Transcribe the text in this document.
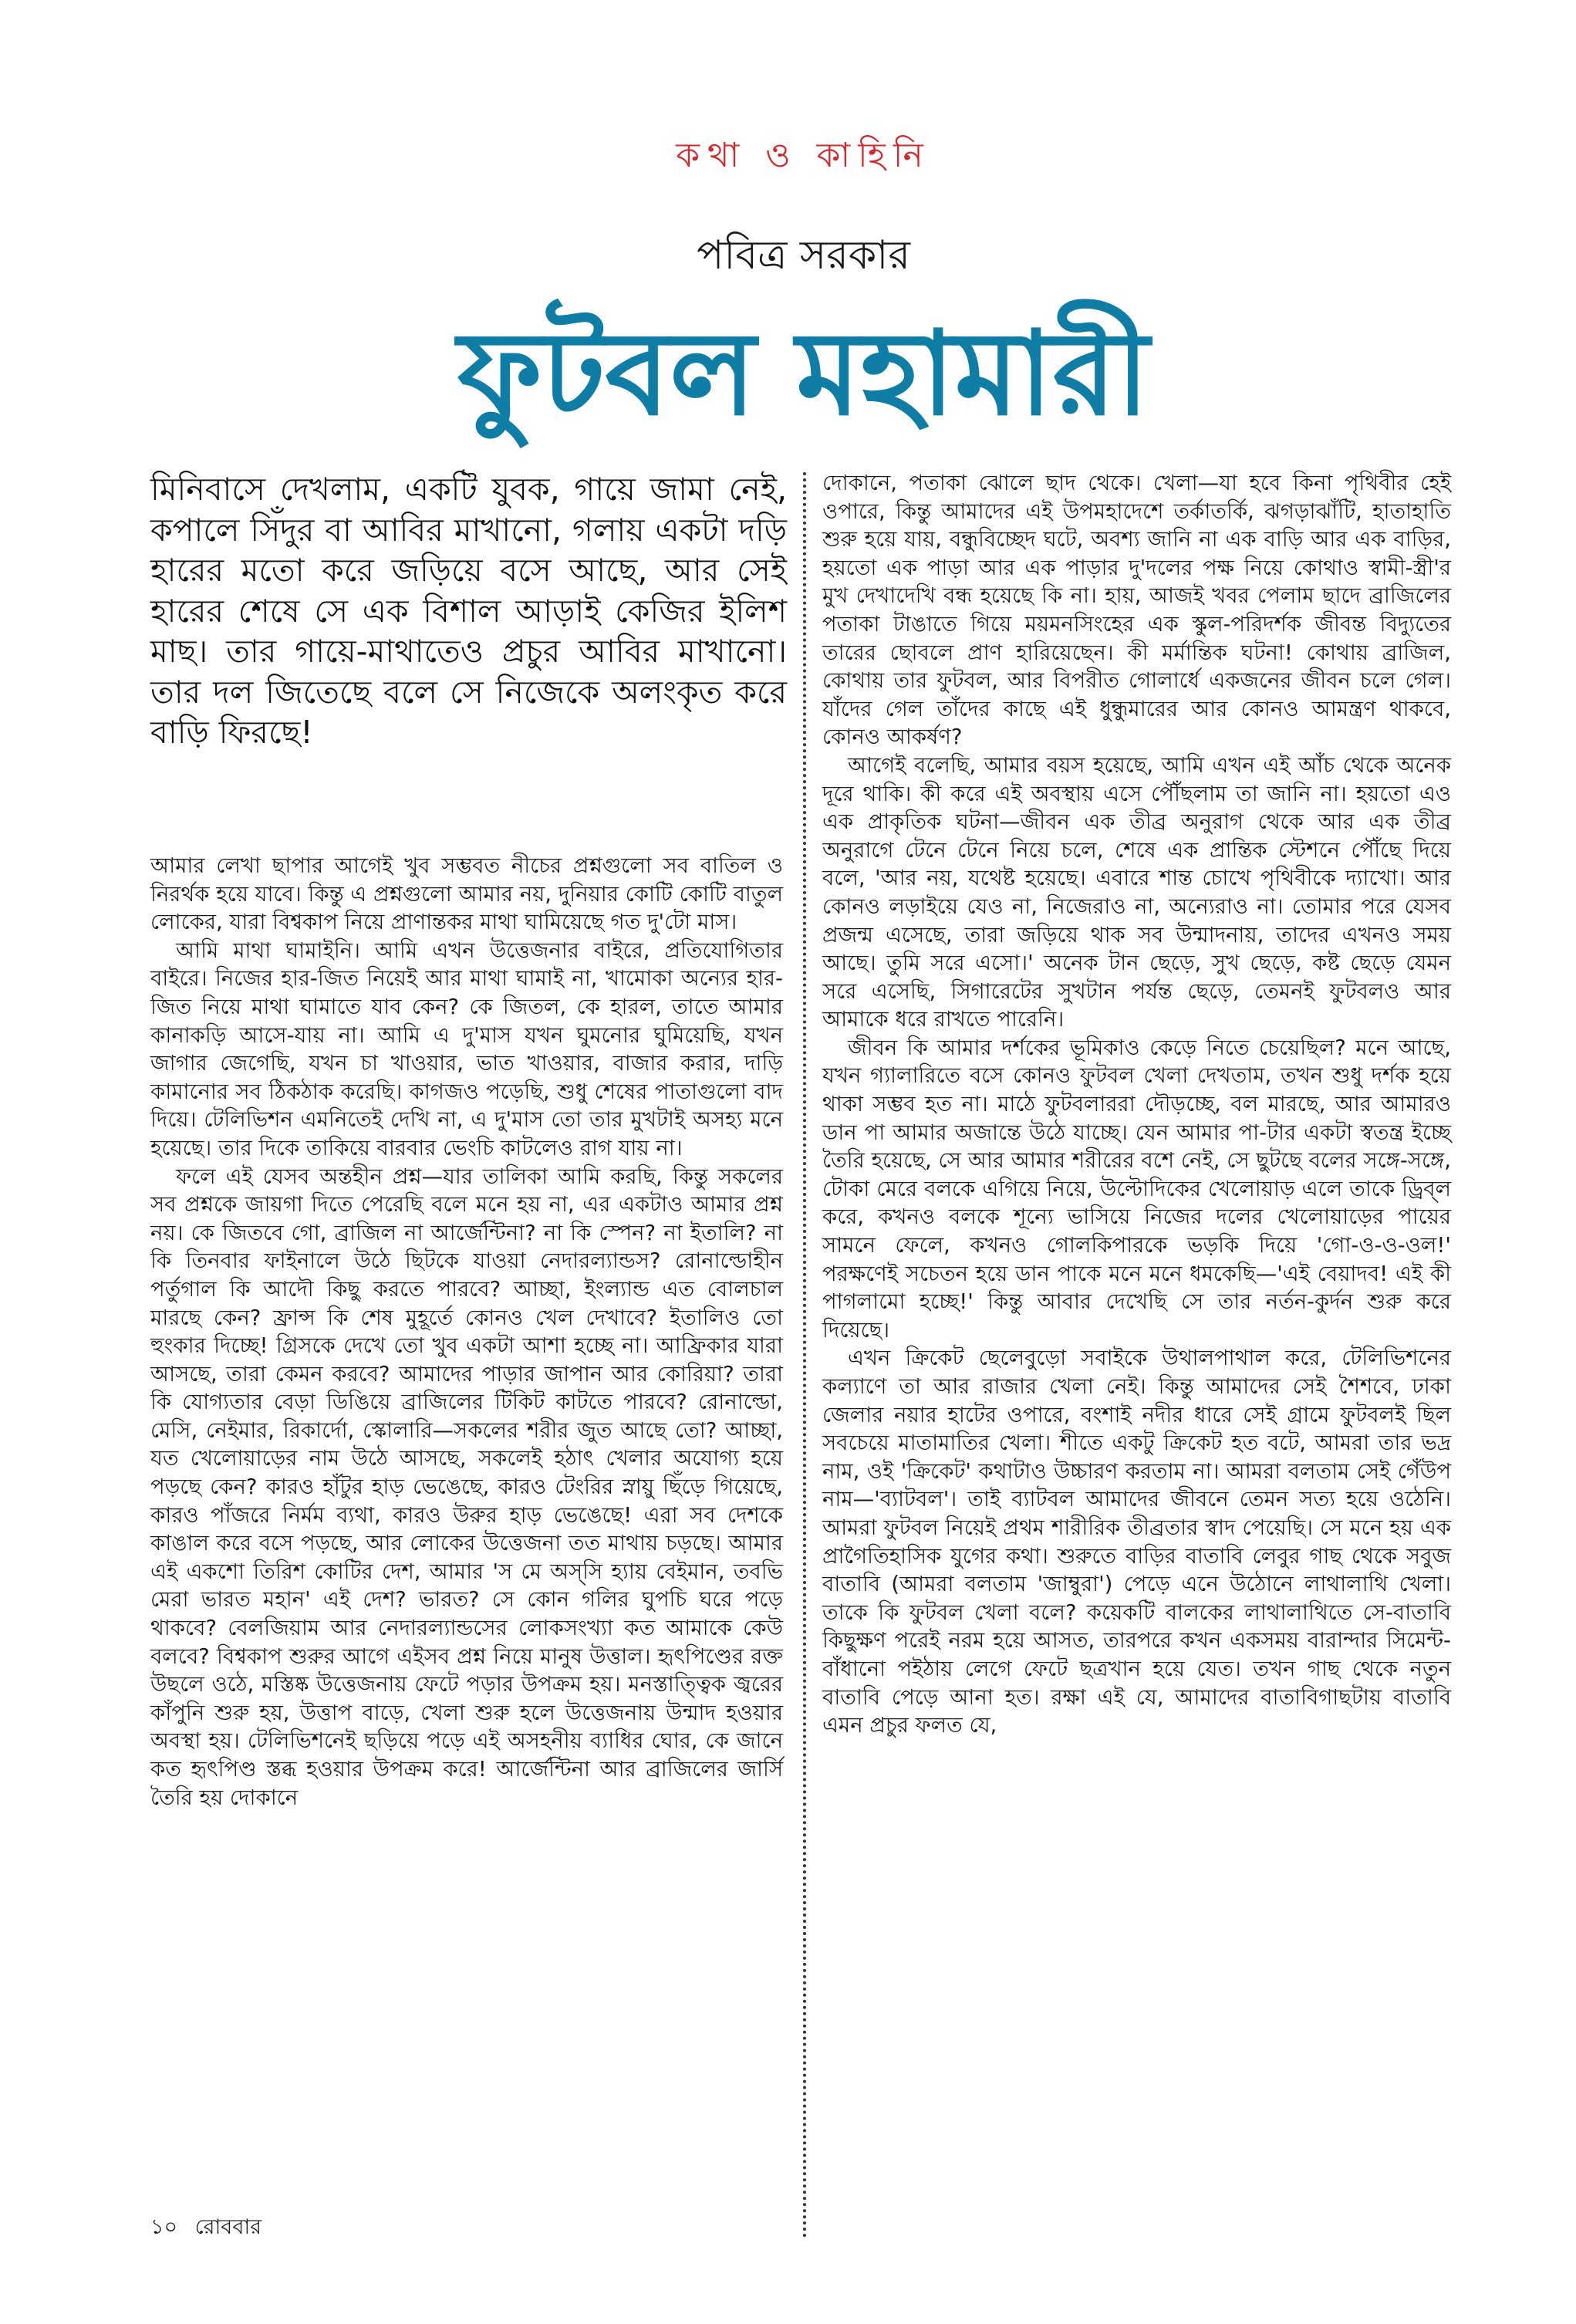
কথা ও কাহিনি
পবিত্র সরকার
ফুটবল মহামারী
মিনিবাসে দেখলাম, একটি যুবক, গায়ে জামা নেই, কপালে সিঁদুর বা আবির মাখানো, গলায় একটা দড়ি হারের মতো করে জড়িয়ে বসে আছে, আর সেই হারের শেষে সে এক বিশাল আড়াই কেজির ইলিশ মাছ। তার গায়ে-মাথাতেও প্রচুর আবির মাখানো। তার দল জিতেছে বলে সে নিজেকে অলংকৃত করে বাড়ি ফিরছে!

আমার লেখা ছাপার আগেই খুব সম্ভবত নীচের প্রশ্নগুলো সব বাতিল ও নিরর্থক হয়ে যাবে। কিন্তু এ প্রশ্নগুলো আমার নয়, দুনিয়ার কোটি কোটি বাতুল লোকের, যারা বিশ্বকাপ নিয়ে প্রাণান্তকর মাথা ঘামিয়েছে গত দু'টো মাস।

আমি মাথা ঘামাইনি। আমি এখন উত্তেজনার বাইরে, প্রতিযোগিতার বাইরে। নিজের হার-জিত নিয়েই আর মাথা ঘামাই না, খামোকা অন্যের হার-জিত নিয়ে মাথা ঘামাতে যাব কেন? কে জিতল, কে হারল, তাতে আমার কানাকড়ি আসে-যায় না। আমি এ দু'মাস যখন ঘুমনোর ঘুমিয়েছি, যখন জাগার জেগেছি, যখন চা খাওয়ার, ভাত খাওয়ার, বাজার করার, দাড়ি কামানোর সব ঠিকঠাক করেছি। কাগজও পড়েছি, শুধু শেষের পাতাগুলো বাদ দিয়ে। টেলিভিশন এমনিতেই দেখি না, এ দু'মাস তো তার মুখটাই অসহ্য মনে হয়েছে। তার দিকে তাকিয়ে বারবার ভেংচি কাটলেও রাগ যায় না।

ফলে এই যেসব অন্তহীন প্রশ্ন—যার তালিকা আমি করছি, কিন্তু সকলের সব প্রশ্নকে জায়গা দিতে পেরেছি বলে মনে হয় না, এর একটাও আমার প্রশ্ন নয়। কে জিতবে গো, ব্রাজিল না আর্জেন্টিনা? না কি স্পেন? না ইতালি? না কি তিনবার ফাইনালে উঠে ছিটকে যাওয়া নেদারল্যান্ডস? রোনাল্ডোহীন পর্তুগাল কি আদৌ কিছু করতে পারবে? আচ্ছা, ইংল্যান্ড এত বোলচাল মারছে কেন? ফ্রান্স কি শেষ মুহূর্তে কোনও খেল দেখাবে? ইতালিও তো হুংকার দিচ্ছে! গ্রিসকে দেখে তো খুব একটা আশা হচ্ছে না। আফ্রিকার যারা আসছে, তারা কেমন করবে? আমাদের পাড়ার জাপান আর কোরিয়া? তারা কি যোগ্যতার বেড়া ডিঙিয়ে ব্রাজিলের টিকিট কাটতে পারবে? রোনাল্ডো, মেসি, নেইমার, রিকার্দো, স্কোলারি—সকলের শরীর জুত আছে তো? আচ্ছা, যত খেলোয়াড়ের নাম উঠে আসছে, সকলেই হঠাৎ খেলার অযোগ্য হয়ে পড়ছে কেন? কারও হাঁটুর হাড় ভেঙেছে, কারও টেংরির স্নায়ু ছিঁড়ে গিয়েছে, কারও পাঁজরে নির্মম ব্যথা, কারও উরুর হাড় ভেঙেছে! এরা সব দেশকে কাঙাল করে বসে পড়ছে, আর লোকের উত্তেজনা তত মাথায় চড়ছে। আমার এই একশো তিরিশ কোটির দেশ, আমার 'স মে অস্‌সি হ্যায় বেইমান, তবভি মেরা ভারত মহান' এই দেশ? ভারত? সে কোন গলির ঘুপচি ঘরে পড়ে থাকবে? বেলজিয়াম আর নেদারল্যান্ডসের লোকসংখ্যা কত আমাকে কেউ বলবে? বিশ্বকাপ শুরুর আগে এইসব প্রশ্ন নিয়ে মানুষ উত্তাল। হৃৎপিণ্ডের রক্ত উছলে ওঠে, মস্তিষ্ক উত্তেজনায় ফেটে পড়ার উপক্রম হয়। মনস্তাত্ত্বিক জ্বরের কাঁপুনি শুরু হয়, উত্তাপ বাড়ে, খেলা শুরু হলে উত্তেজনায় উন্মাদ হওয়ার অবস্থা হয়। টেলিভিশনেই ছড়িয়ে পড়ে এই অসহনীয় ব্যাধির ঘোর, কে জানে কত হৃৎপিণ্ড স্তব্ধ হওয়ার উপক্রম করে! আর্জেন্টিনা আর ব্রাজিলের জার্সি তৈরি হয় দোকানে

দোকানে, পতাকা ঝোলে ছাদ থেকে। খেলা—যা হবে কিনা পৃথিবীর হেই ওপারে, কিন্তু আমাদের এই উপমহাদেশে তর্কাতর্কি, ঝগড়াঝাঁটি, হাতাহাতি শুরু হয়ে যায়, বন্ধুবিচ্ছেদ ঘটে, অবশ্য জানি না এক বাড়ি আর এক বাড়ির, হয়তো এক পাড়া আর এক পাড়ার দু'দলের পক্ষ নিয়ে কোথাও স্বামী-স্ত্রী'র মুখ দেখাদেখি বন্ধ হয়েছে কি না। হায়, আজই খবর পেলাম ছাদে ব্রাজিলের পতাকা টাঙাতে গিয়ে ময়মনসিংহের এক স্কুল-পরিদর্শক জীবন্ত বিদ্যুতের তারের ছোবলে প্রাণ হারিয়েছেন। কী মর্মান্তিক ঘটনা! কোথায় ব্রাজিল, কোথায় তার ফুটবল, আর বিপরীত গোলার্ধে একজনের জীবন চলে গেল। যাঁদের গেল তাঁদের কাছে এই ধুন্ধুমারের আর কোনও আমন্ত্রণ থাকবে, কোনও আকর্ষণ?

আগেই বলেছি, আমার বয়স হয়েছে, আমি এখন এই আঁচ থেকে অনেক দূরে থাকি। কী করে এই অবস্থায় এসে পৌঁছলাম তা জানি না। হয়তো এও এক প্রাকৃতিক ঘটনা—জীবন এক তীব্র অনুরাগ থেকে আর এক তীব্র অনুরাগে টেনে টেনে নিয়ে চলে, শেষে এক প্রান্তিক স্টেশনে পৌঁছে দিয়ে বলে, 'আর নয়, যথেষ্ট হয়েছে। এবারে শান্ত চোখে পৃথিবীকে দ্যাখো। আর কোনও লড়াইয়ে যেও না, নিজেরাও না, অন্যেরাও না। তোমার পরে যেসব প্রজন্ম এসেছে, তারা জড়িয়ে থাক সব উন্মাদনায়, তাদের এখনও সময় আছে। তুমি সরে এসো।' অনেক টান ছেড়ে, সুখ ছেড়ে, কষ্ট ছেড়ে যেমন সরে এসেছি, সিগারেটের সুখটান পর্যন্ত ছেড়ে, তেমনই ফুটবলও আর আমাকে ধরে রাখতে পারেনি।

জীবন কি আমার দর্শকের ভূমিকাও কেড়ে নিতে চেয়েছিল? মনে আছে, যখন গ্যালারিতে বসে কোনও ফুটবল খেলা দেখতাম, তখন শুধু দর্শক হয়ে থাকা সম্ভব হত না। মাঠে ফুটবলাররা দৌড়চ্ছে, বল মারছে, আর আমারও ডান পা আমার অজান্তে উঠে যাচ্ছে। যেন আমার পা-টার একটা স্বতন্ত্র ইচ্ছে তৈরি হয়েছে, সে আর আমার শরীরের বশে নেই, সে ছুটছে বলের সঙ্গে-সঙ্গে, টোকা মেরে বলকে এগিয়ে নিয়ে, উল্টোদিকের খেলোয়াড় এলে তাকে ড্রিব্‌ল করে, কখনও বলকে শূন্যে ভাসিয়ে নিজের দলের খেলোয়াড়ের পায়ের সামনে ফেলে, কখনও গোলকিপারকে ভড়কি দিয়ে 'গো-ও-ও-ওল!' পরক্ষণেই সচেতন হয়ে ডান পাকে মনে মনে ধমকেছি—'এই বেয়াদব! এই কী পাগলামো হচ্ছে!' কিন্তু আবার দেখেছি সে তার নর্তন-কুর্দন শুরু করে দিয়েছে।

এখন ক্রিকেট ছেলেবুড়ো সবাইকে উথালপাথাল করে, টেলিভিশনের কল্যাণে তা আর রাজার খেলা নেই। কিন্তু আমাদের সেই শৈশবে, ঢাকা জেলার নয়ার হাটের ওপারে, বংশাই নদীর ধারে সেই গ্রামে ফুটবলই ছিল সবচেয়ে মাতামাতির খেলা। শীতে একটু ক্রিকেট হত বটে, আমরা তার ভদ্র নাম, ওই 'ক্রিকেট' কথাটাও উচ্চারণ করতাম না। আমরা বলতাম সেই গেঁউপ নাম—'ব্যাটবল'। তাই ব্যাটবল আমাদের জীবনে তেমন সত্য হয়ে ওঠেনি। আমরা ফুটবল নিয়েই প্রথম শারীরিক তীব্রতার স্বাদ পেয়েছি। সে মনে হয় এক প্রাগৈতিহাসিক যুগের কথা। শুরুতে বাড়ির বাতাবি লেবুর গাছ থেকে সবুজ বাতাবি (আমরা বলতাম 'জাম্বুরা') পেড়ে এনে উঠোনে লাথালাথি খেলা। তাকে কি ফুটবল খেলা বলে? কয়েকটি বালকের লাথালাথিতে সে-বাতাবি কিছুক্ষণ পরেই নরম হয়ে আসত, তারপরে কখন একসময় বারান্দার সিমেন্ট-বাঁধানো পইঠায় লেগে ফেটে ছত্রখান হয়ে যেত। তখন গাছ থেকে নতুন বাতাবি পেড়ে আনা হত। রক্ষা এই যে, আমাদের বাতাবিগাছটায় বাতাবি এমন প্রচুর ফলত যে,

১০ রোববার
